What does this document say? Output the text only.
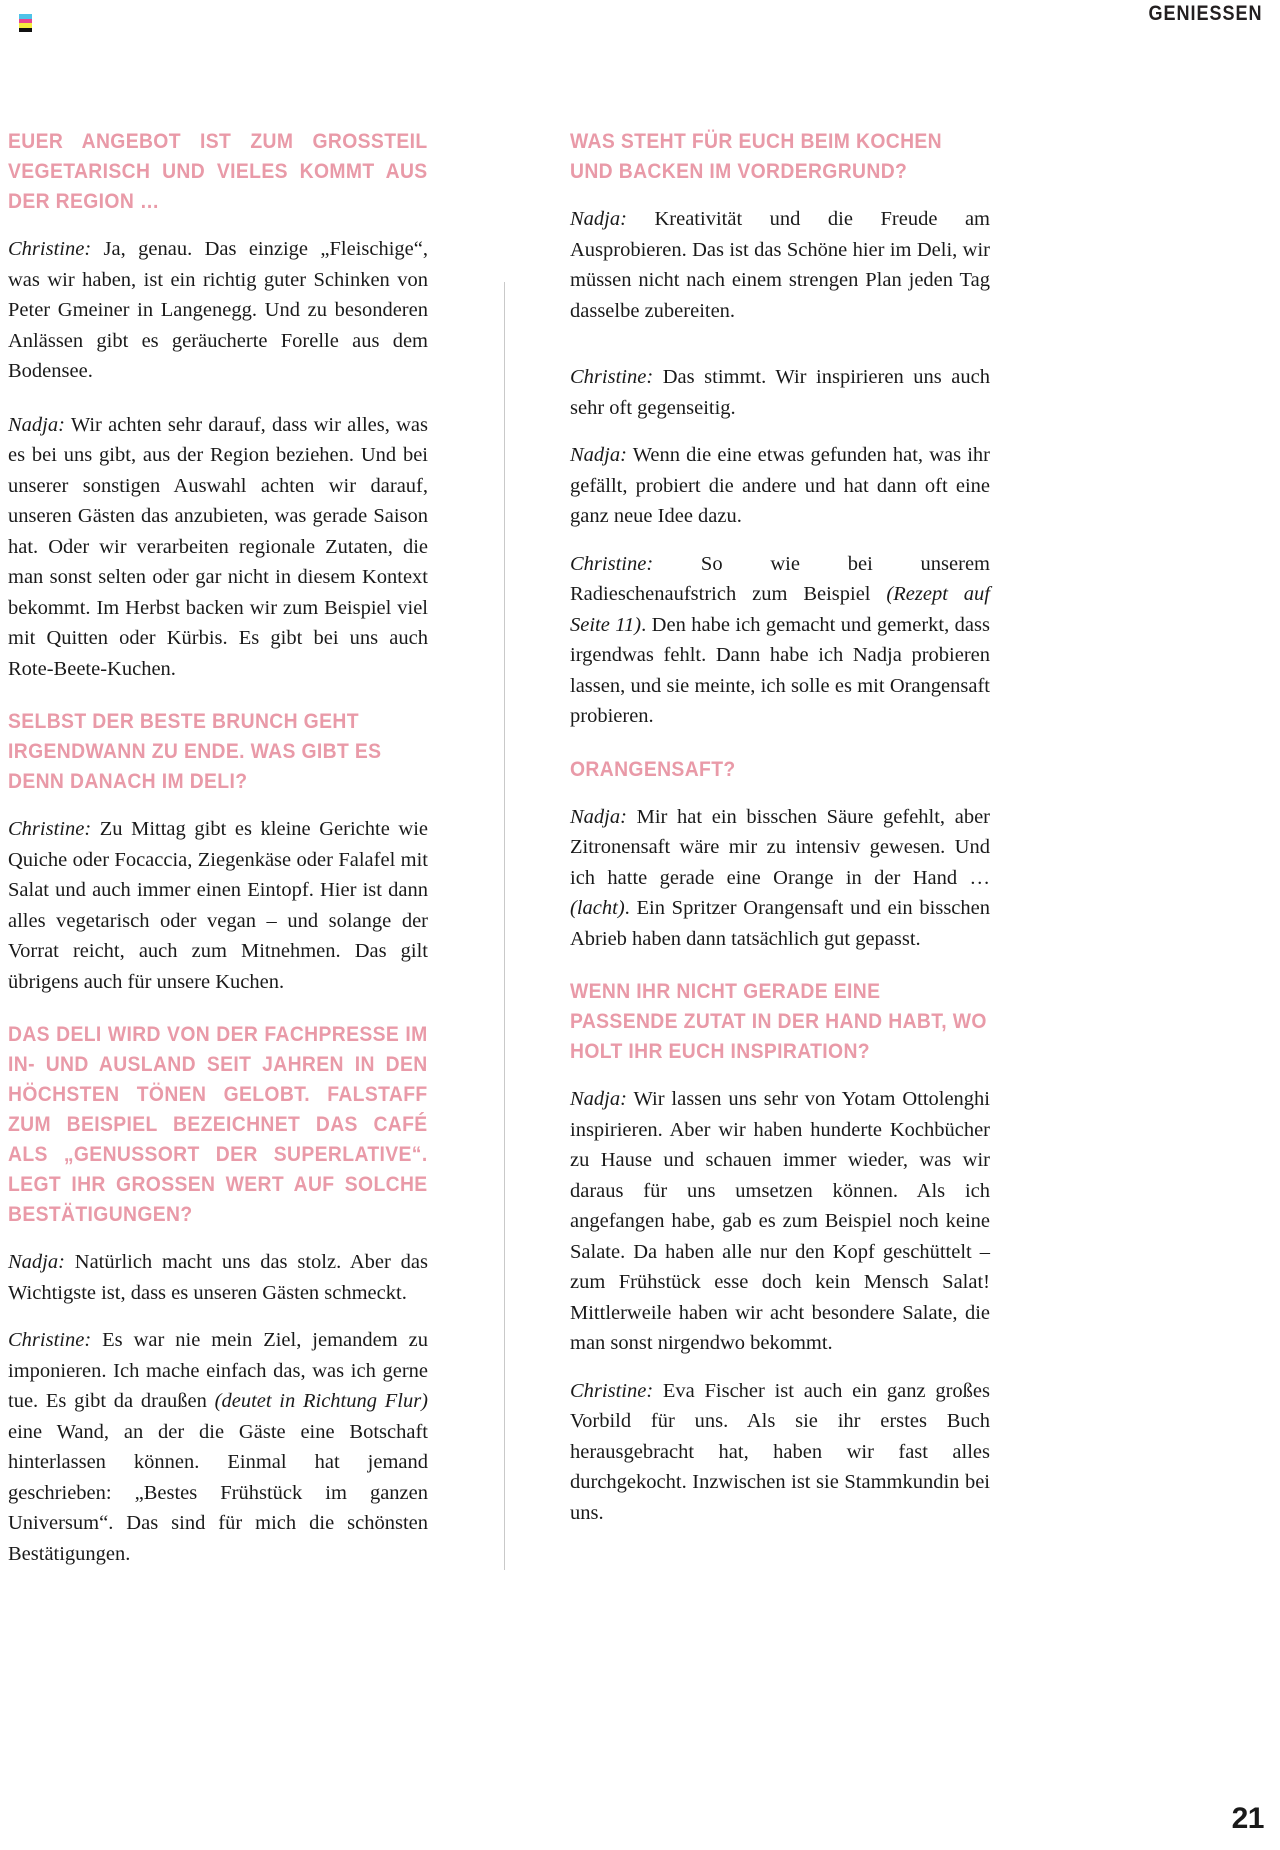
GENIESSEN
EUER ANGEBOT IST ZUM GROSSTEIL VEGETARISCH UND VIELES KOMMT AUS DER REGION …

Christine: Ja, genau. Das einzige „Fleischige“, was wir haben, ist ein richtig guter Schinken von Peter Gmeiner in Langenegg. Und zu besonderen Anlässen gibt es geräucherte Forelle aus dem Bodensee.

Nadja: Wir achten sehr darauf, dass wir alles, was es bei uns gibt, aus der Region beziehen. Und bei unserer sonstigen Auswahl achten wir darauf, unseren Gästen das anzubieten, was gerade Saison hat. Oder wir verarbeiten regionale Zutaten, die man sonst selten oder gar nicht in diesem Kontext bekommt. Im Herbst backen wir zum Beispiel viel mit Quitten oder Kürbis. Es gibt bei uns auch Rote-Beete-Kuchen.

SELBST DER BESTE BRUNCH GEHT IRGENDWANN ZU ENDE. WAS GIBT ES DENN DANACH IM DELI?

Christine: Zu Mittag gibt es kleine Gerichte wie Quiche oder Focaccia, Ziegenkäse oder Falafel mit Salat und auch immer einen Eintopf. Hier ist dann alles vegetarisch oder vegan – und solange der Vorrat reicht, auch zum Mitnehmen. Das gilt übrigens auch für unsere Kuchen.

DAS DELI WIRD VON DER FACHPRESSE IM IN- UND AUSLAND SEIT JAHREN IN DEN HÖCHSTEN TÖNEN GELOBT. FALSTAFF ZUM BEISPIEL BEZEICHNET DAS CAFÉ ALS „GENUSSORT DER SUPERLATIVE“. LEGT IHR GROSSEN WERT AUF SOLCHE BESTÄTIGUNGEN?

Nadja: Natürlich macht uns das stolz. Aber das Wichtigste ist, dass es unseren Gästen schmeckt.

Christine: Es war nie mein Ziel, jemandem zu imponieren. Ich mache einfach das, was ich gerne tue. Es gibt da draußen (deutet in Richtung Flur) eine Wand, an der die Gäste eine Botschaft hinterlassen können. Einmal hat jemand geschrieben: „Bestes Frühstück im ganzen Universum“. Das sind für mich die schönsten Bestätigungen.

WAS STEHT FÜR EUCH BEIM KOCHEN UND BACKEN IM VORDERGRUND?

Nadja: Kreativität und die Freude am Ausprobieren. Das ist das Schöne hier im Deli, wir müssen nicht nach einem strengen Plan jeden Tag dasselbe zubereiten.

Christine: Das stimmt. Wir inspirieren uns auch sehr oft gegenseitig.

Nadja: Wenn die eine etwas gefunden hat, was ihr gefällt, probiert die andere und hat dann oft eine ganz neue Idee dazu.

Christine: So wie bei unserem Radieschenaufstrich zum Beispiel (Rezept auf Seite 11). Den habe ich gemacht und gemerkt, dass irgendwas fehlt. Dann habe ich Nadja probieren lassen, und sie meinte, ich solle es mit Orangensaft probieren.

ORANGENSAFT?

Nadja: Mir hat ein bisschen Säure gefehlt, aber Zitronensaft wäre mir zu intensiv gewesen. Und ich hatte gerade eine Orange in der Hand … (lacht). Ein Spritzer Orangensaft und ein bisschen Abrieb haben dann tatsächlich gut gepasst.

WENN IHR NICHT GERADE EINE PASSENDE ZUTAT IN DER HAND HABT, WO HOLT IHR EUCH INSPIRATION?

Nadja: Wir lassen uns sehr von Yotam Ottolenghi inspirieren. Aber wir haben hunderte Kochbücher zu Hause und schauen immer wieder, was wir daraus für uns umsetzen können. Als ich angefangen habe, gab es zum Beispiel noch keine Salate. Da haben alle nur den Kopf geschüttelt – zum Frühstück esse doch kein Mensch Salat! Mittlerweile haben wir acht besondere Salate, die man sonst nirgendwo bekommt.

Christine: Eva Fischer ist auch ein ganz großes Vorbild für uns. Als sie ihr erstes Buch herausgebracht hat, haben wir fast alles durchgekocht. Inzwischen ist sie Stammkundin bei uns.

21
